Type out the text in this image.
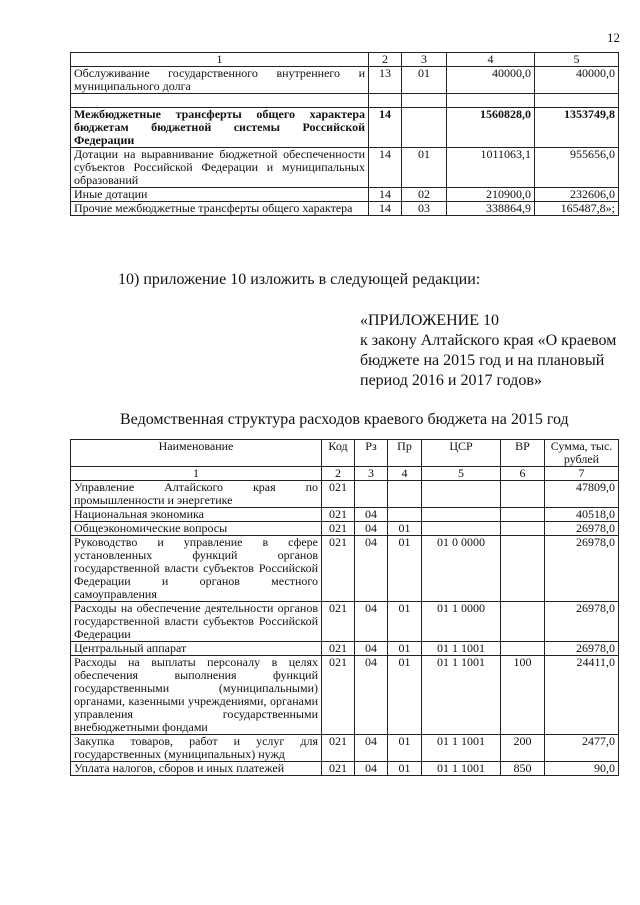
12
1	2	3	4	5
Обслуживание государственного внутреннего и муниципального долга	13	01	40000,0	40000,0

Межбюджетные трансферты общего характера бюджетам бюджетной системы Российской Федерации	14		1560828,0	1353749,8
Дотации на выравнивание бюджетной обеспеченности субъектов Российской Федерации и муниципальных образований	14	01	1011063,1	955656,0
Иные дотации	14	02	210900,0	232606,0
Прочие межбюджетные трансферты общего характера	14	03	338864,9	165487,8»;
10) приложение 10 изложить в следующей редакции:
«ПРИЛОЖЕНИЕ 10
к закону Алтайского края «О краевом
бюджете на 2015 год и на плановый
период 2016 и 2017 годов»
Ведомственная структура расходов краевого бюджета на 2015 год
Наименование	Код	Рз	Пр	ЦСР	ВР	Сумма, тыс. рублей
1	2	3	4	5	6	7
Управление Алтайского края по промышленности и энергетике	021					47809,0
Национальная экономика	021	04				40518,0
Общеэкономические вопросы	021	04	01			26978,0
Руководство и управление в сфере установленных функций органов государственной власти субъектов Российской Федерации и органов местного самоуправления	021	04	01	01 0 0000		26978,0
Расходы на обеспечение деятельности органов государственной власти субъектов Российской Федерации	021	04	01	01 1 0000		26978,0
Центральный аппарат	021	04	01	01 1 1001		26978,0
Расходы на выплаты персоналу в целях обеспечения выполнения функций государственными (муниципальными) органами, казенными учреждениями, органами управления государственными внебюджетными фондами	021	04	01	01 1 1001	100	24411,0
Закупка товаров, работ и услуг для государственных (муниципальных) нужд	021	04	01	01 1 1001	200	2477,0
Уплата налогов, сборов и иных платежей	021	04	01	01 1 1001	850	90,0
